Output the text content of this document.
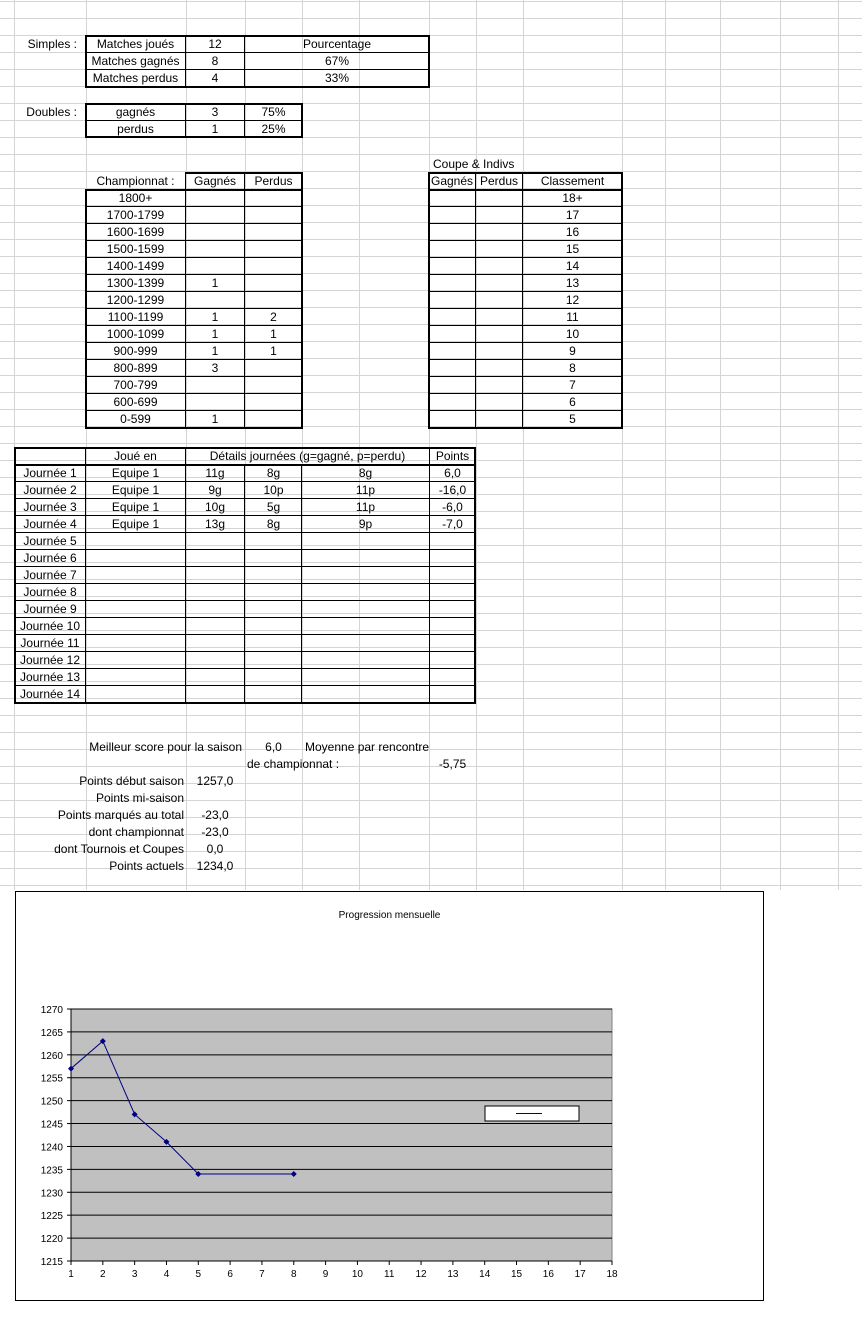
Simples :	Matches joués	12	Pourcentage
Matches gagnés	8	67%
Matches perdus	4	33%
Doubles :	gagnés	3	75%
perdus	1	25%
Championnat :	Gagnés	Perdus
1800+
1700-1799
1600-1699
1500-1599
1400-1499
1300-1399	1
1200-1299
1100-1199	1	2
1000-1099	1	1
900-999	1	1
800-899	3
700-799
600-699
0-599	1
Coupe & Indivs
Gagnés Perdus	Classement
18+
17
16
15
14
13
12
11
10
9
8
7
6
5
Joué en	Détails journées (g=gagné, p=perdu)	Points
Journée 1	Equipe 1	11g	8g	8g	6,0
Journée 2	Equipe 1	9g	10p	11p	-16,0
Journée 3	Equipe 1	10g	5g	11p	-6,0
Journée 4	Equipe 1	13g	8g	9p	-7,0
Journée 5
Journée 6
Journée 7
Journée 8
Journée 9
Journée 10
Journée 11
Journée 12
Journée 13
Journée 14
Meilleur score pour la saison	6,0	Moyenne par rencontre
de championnat :	-5,75
Points début saison	1257,0
Points mi-saison
Points marqués au total	-23,0
dont championnat	-23,0
dont Tournois et Coupes	0,0
Points actuels	1234,0
Progression mensuelle
1215
1220
1225
1230
1235
1240
1245
1250
1255
1260
1265
1270
1	2	3	4	5	6	7	8	9 10 11 12 13 14 15 16 17 18
